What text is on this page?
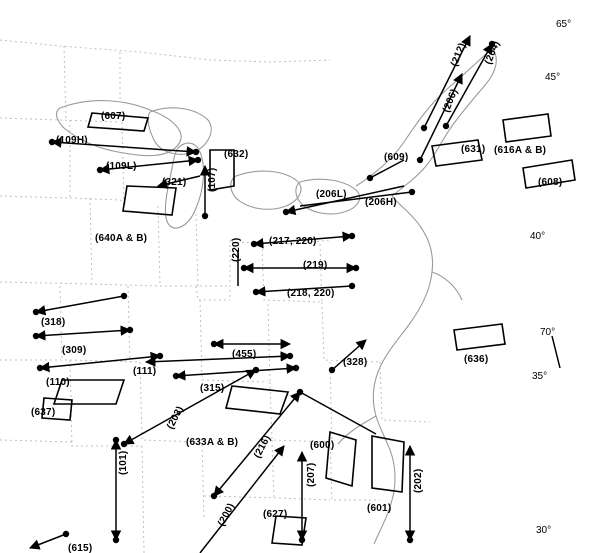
(607)
(109H)
(109L)
(321)
(632)
(107)
(640A & B)
(206L)
(206H)
(217, 220)
(219)
(218, 220)
(220)
(212) (204)
(206)
(631)
(609)
(616A & B)
(608)
(636)
(318)
(309)
(110)
(111)
(455)
(315)
(328)
(637)	(203)
(633A & B) (216)
(101)
(600)
(207)
(627)
(601)
(202)
(200)
(615)
65°
45°
40°
70°
35°
30°
